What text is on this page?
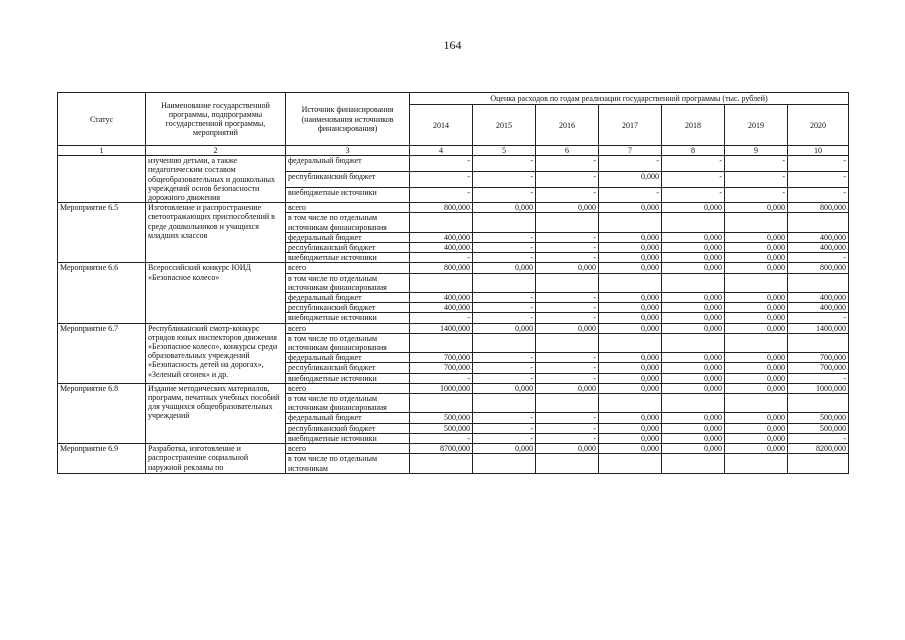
164
Статус	Наименование государственной программы, подпрограммы государственной программы, мероприятий	Источник финансирования (наименования источников финансирования)	Оценка расходов по годам реализации государственной программы (тыс. рублей)						
			2014	2015	2016	2017	2018	2019	2020
1	2	3	4	5	6	7	8	9	10
	изученню детьми, а также педагогическим составом общеобразовательных и дошкольных учреждений основ безопасности дорожного движения	федеральный бюджет	-	-	-	-	-	-	-
		республиканский бюджет	-	-	-	0,000	-	-	-
		внебюджетные источники	-	-	-	-	-	-	-
Мероприятие 6.5	Изготовление и распространение светоотражающих приспособлений в среде дошкольников и учащихся младших классов	всего	800,000	0,000	0,000	0,000	0,000	0,000	800,000
		в том числе по отдельным источникам финансирования							
		федеральный бюджет	400,000	-	-	0,000	0,000	0,000	400,000
		республиканский бюджет	400,000	-	-	0,000	0,000	0,000	400,000
		внебюджетные источники	-	-	-	0,000	0,000	0,000	-
Мероприятие 6.6	Всероссийский конкурс ЮИД «Безопасное колесо»	всего	800,000	0,000	0,000	0,000	0,000	0,000	800,000
		в том числе по отдельным источникам финансирования							
		федеральный бюджет	400,000	-	-	0,000	0,000	0,000	400,000
		республиканский бюджет	400,000	-	-	0,000	0,000	0,000	400,000
		внебюджетные источники	-	-	-	0,000	0,000	0,000	-
Мероприятие 6.7	Республиканский смотр-конкурс отрядов юных инспекторов движения «Безопасное колесо», конкурсы среди образовательных учреждений «Безопасность детей на дорогах», «Зеленый огонек» и др.	всего	1400,000	0,000	0,000	0,000	0,000	0,000	1400,000
		в том числе по отдельным источникам финансирования							
		федеральный бюджет	700,000	-	-	0,000	0,000	0,000	700,000
		республиканский бюджет	700,000	-	-	0,000	0,000	0,000	700,000
		внебюджетные источники	-	-	-	0,000	0,000	0,000	-
Мероприятие 6.8	Издание методических материалов, программ, печатных учебных пособий для учащихся общеобразовательных учреждений	всего	1000,000	0,000	0,000	0,000	0,000	0,000	1000,000
		в том числе по отдельным источникам финансирования							
		федеральный бюджет	500,000	-	-	0,000	0,000	0,000	500,000
		республиканский бюджет	500,000	-	-	0,000	0,000	0,000	500,000
		внебюджетные источники	-	-	-	0,000	0,000	0,000	-
Мероприятие 6.9	Разработка, изготовление и распространение социальной наружной рекламы по	всего	8700,000	0,000	0,000	0,000	0,000	0,000	8200,000
		в том числе по отдельным источникам							
